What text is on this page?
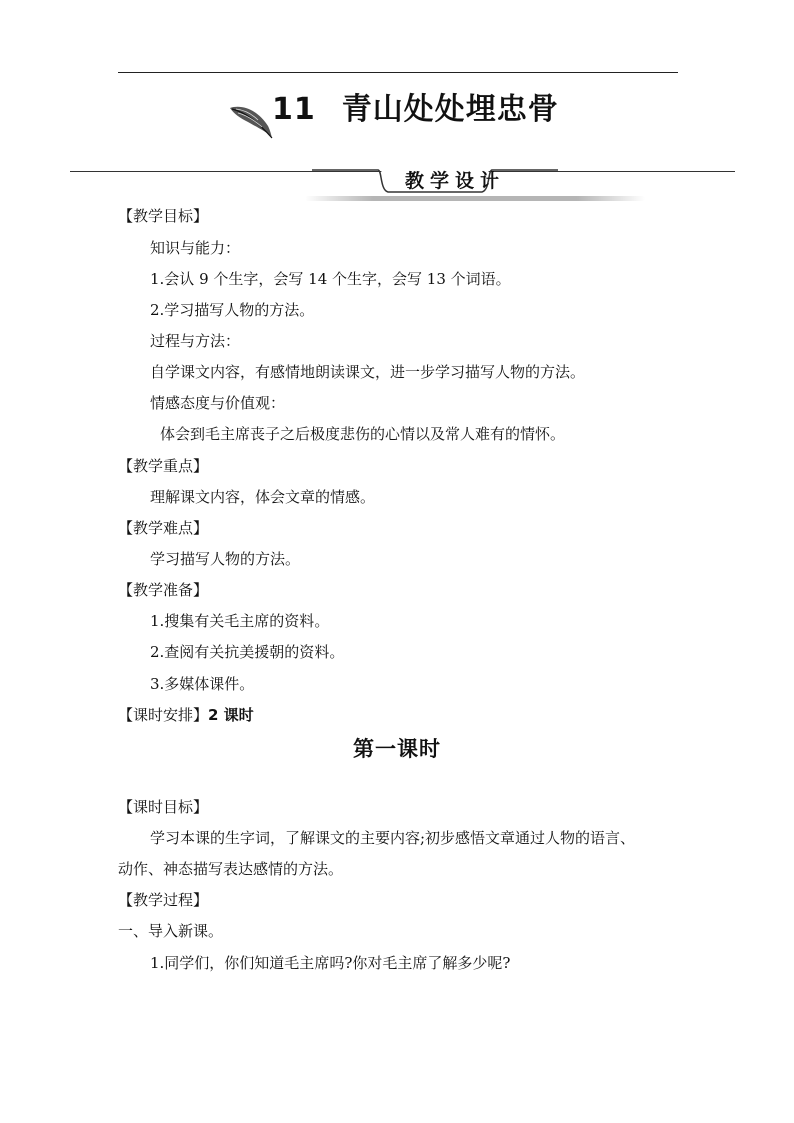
11 青山处处埋忠骨
教学设计
【教学目标】
知识与能力：
1.会认 9 个生字，会写 14 个生字，会写 13 个词语。
2.学习描写人物的方法。
过程与方法：
自学课文内容，有感情地朗读课文，进一步学习描写人物的方法。
情感态度与价值观：
体会到毛主席丧子之后极度悲伤的心情以及常人难有的情怀。
【教学重点】
理解课文内容，体会文章的情感。
【教学难点】
学习描写人物的方法。
【教学准备】
1.搜集有关毛主席的资料。
2.查阅有关抗美援朝的资料。
3.多媒体课件。
【课时安排】2 课时
第一课时
【课时目标】
学习本课的生字词，了解课文的主要内容;初步感悟文章通过人物的语言、
动作、神态描写表达感情的方法。
【教学过程】
一、导入新课。
1.同学们，你们知道毛主席吗?你对毛主席了解多少呢?
